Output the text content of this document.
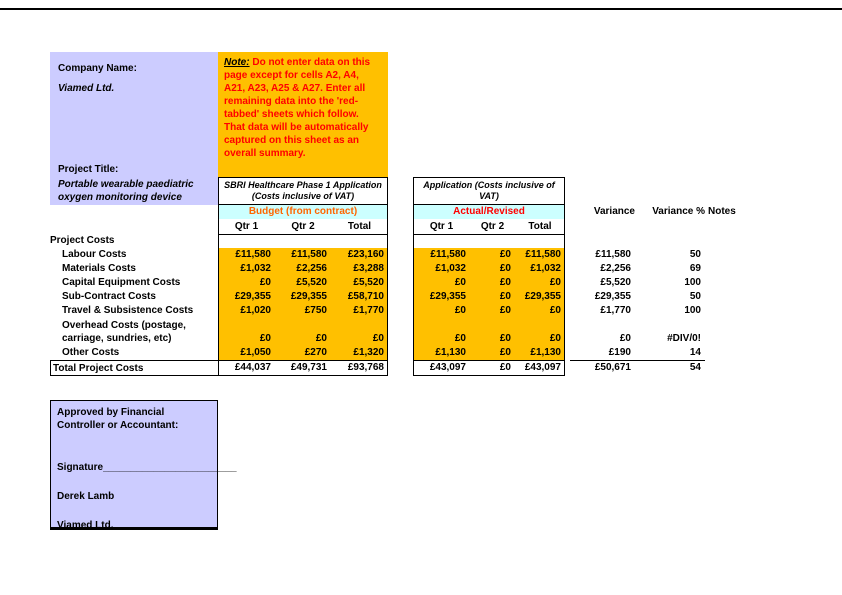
Company Name:
Viamed Ltd.
Project Title:
Portable wearable paediatric oxygen monitoring device
Note: Do not enter data on this page except for cells A2, A4, A21, A23, A25 & A27. Enter all remaining data into the 'red-tabbed' sheets which follow. That data will be automatically captured on this sheet as an overall summary.
SBRI Healthcare Phase 1 Application (Costs inclusive of VAT)
Budget (from contract)
Qtr 1	Qtr 2	Total
Application (Costs inclusive of VAT)
Actual/Revised
Qtr 1	Qtr 2	Total
Variance	Variance % Notes
Project Costs
Labour Costs	£11,580	£11,580	£23,160	£11,580	£0	£11,580	£11,580	50
Materials Costs	£1,032	£2,256	£3,288	£1,032	£0	£1,032	£2,256	69
Capital Equipment Costs	£0	£5,520	£5,520	£0	£0	£0	£5,520	100
Sub-Contract Costs	£29,355	£29,355	£58,710	£29,355	£0	£29,355	£29,355	50
Travel & Subsistence Costs	£1,020	£750	£1,770	£0	£0	£0	£1,770	100
Overhead Costs (postage, carriage, sundries, etc)	£0	£0	£0	£0	£0	£0	£0	#DIV/0!
Other Costs	£1,050	£270	£1,320	£1,130	£0	£1,130	£190	14
Total Project Costs	£44,037	£49,731	£93,768	£43,097	£0	£43,097	£50,671	54
Approved by Financial Controller or Accountant:
Signature________________________
Derek Lamb
Viamed Ltd.
